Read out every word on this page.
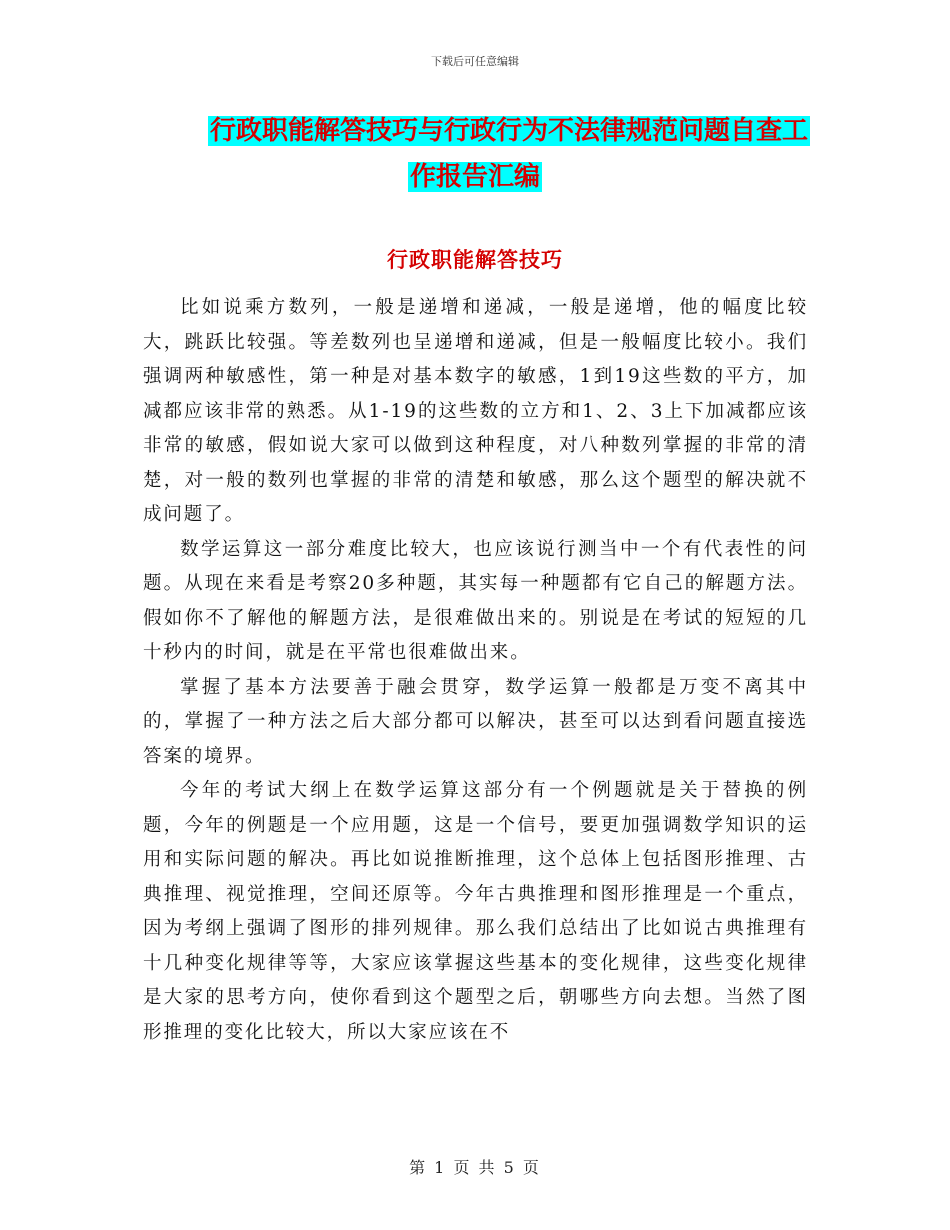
下载后可任意编辑
行政职能解答技巧与行政行为不法律规范问题自查工
作报告汇编
行政职能解答技巧

比如说乘方数列，一般是递增和递减，一般是递增，他的幅度比较大，跳跃比较强。等差数列也呈递增和递减，但是一般幅度比较小。我们强调两种敏感性，第一种是对基本数字的敏感，1到19这些数的平方，加减都应该非常的熟悉。从1-19的这些数的立方和1、2、3上下加减都应该非常的敏感，假如说大家可以做到这种程度，对八种数列掌握的非常的清楚，对一般的数列也掌握的非常的清楚和敏感，那么这个题型的解决就不成问题了。

数学运算这一部分难度比较大，也应该说行测当中一个有代表性的问题。从现在来看是考察20多种题，其实每一种题都有它自己的解题方法。假如你不了解他的解题方法，是很难做出来的。别说是在考试的短短的几十秒内的时间，就是在平常也很难做出来。

掌握了基本方法要善于融会贯穿，数学运算一般都是万变不离其中的，掌握了一种方法之后大部分都可以解决，甚至可以达到看问题直接选答案的境界。

今年的考试大纲上在数学运算这部分有一个例题就是关于替换的例题，今年的例题是一个应用题，这是一个信号，要更加强调数学知识的运用和实际问题的解决。再比如说推断推理，这个总体上包括图形推理、古典推理、视觉推理，空间还原等。今年古典推理和图形推理是一个重点，因为考纲上强调了图形的排列规律。那么我们总结出了比如说古典推理有十几种变化规律等等，大家应该掌握这些基本的变化规律，这些变化规律是大家的思考方向，使你看到这个题型之后，朝哪些方向去想。当然了图形推理的变化比较大，所以大家应该在不

第 1 页 共 5 页
